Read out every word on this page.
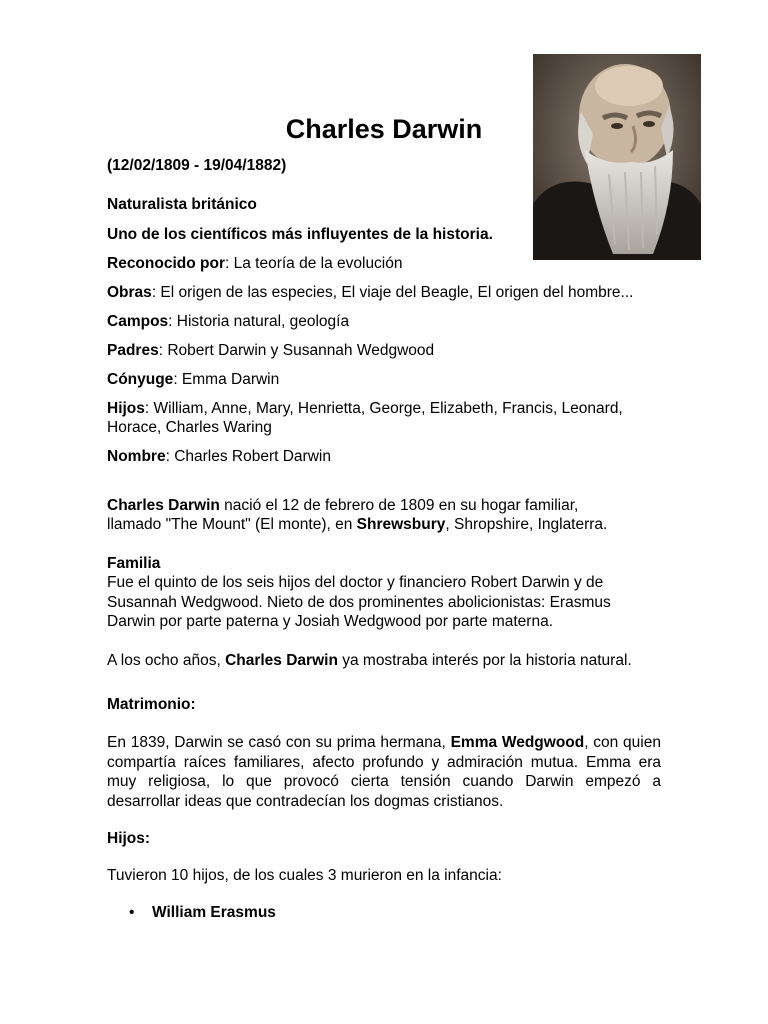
Charles Darwin

(12/02/1809 - 19/04/1882)

Naturalista británico

Uno de los científicos más influyentes de la historia.

Reconocido por: La teoría de la evolución

Obras: El origen de las especies, El viaje del Beagle, El origen del hombre...

Campos: Historia natural, geología

Padres: Robert Darwin y Susannah Wedgwood

Cónyuge: Emma Darwin

Hijos: William, Anne, Mary, Henrietta, George, Elizabeth, Francis, Leonard,

Horace, Charles Waring

Nombre: Charles Robert Darwin

Charles Darwin nació el 12 de febrero de 1809 en su hogar familiar,

llamado "The Mount" (El monte), en Shrewsbury, Shropshire, Inglaterra.

Familia

Fue el quinto de los seis hijos del doctor y financiero Robert Darwin y de

Susannah Wedgwood. Nieto de dos prominentes abolicionistas: Erasmus

Darwin por parte paterna y Josiah Wedgwood por parte materna.

A los ocho años, Charles Darwin ya mostraba interés por la historia natural.

Matrimonio:

En 1839, Darwin se casó con su prima hermana, Emma Wedgwood, con quien compartía raíces familiares, afecto profundo y admiración mutua. Emma era muy religiosa, lo que provocó cierta tensión cuando Darwin empezó a desarrollar ideas que contradecían los dogmas cristianos.

Hijos:

Tuvieron 10 hijos, de los cuales 3 murieron en la infancia:

• William Erasmus
